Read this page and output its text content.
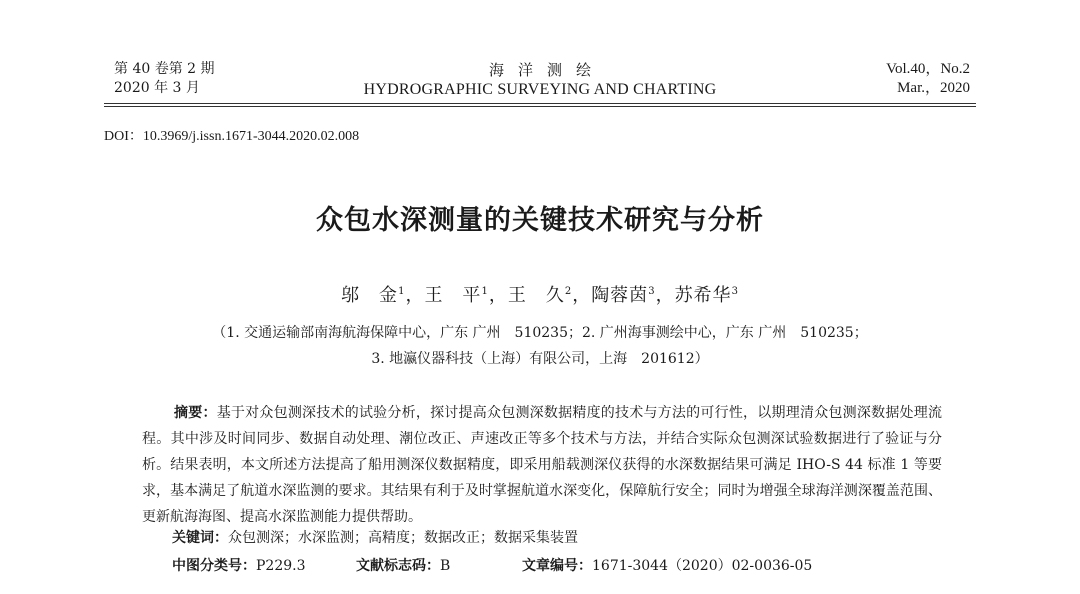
第 40 卷第 2 期
2020 年 3 月
海洋测绘
HYDROGRAPHIC SURVEYING AND CHARTING
Vol.40，No.2
Mar.，2020
DOI：10.3969/j.issn.1671-3044.2020.02.008
众包水深测量的关键技术研究与分析
邬　金$^1$，王　平$^1$，王　久$^2$，陶蓉茵$^3$，苏希华$^3$
（1. 交通运输部南海航海保障中心，广东 广州　510235；2. 广州海事测绘中心，广东 广州　510235；
3. 地瀛仪器科技（上海）有限公司，上海　201612）
摘要：基于对众包测深技术的试验分析，探讨提高众包测深数据精度的技术与方法的可行性，以期理清众包测深数据处理流程。其中涉及时间同步、数据自动处理、潮位改正、声速改正等多个技术与方法，并结合实际众包测深试验数据进行了验证与分析。结果表明，本文所述方法提高了船用测深仪数据精度，即采用船载测深仪获得的水深数据结果可满足 IHO-S 44 标准 1 等要求，基本满足了航道水深监测的要求。其结果有利于及时掌握航道水深变化，保障航行安全；同时为增强全球海洋测深覆盖范围、更新航海海图、提高水深监测能力提供帮助。
关键词：众包测深；水深监测；高精度；数据改正；数据采集装置
中图分类号：P229.3	文献标志码：B	文章编号：1671-3044（2020）02-0036-05
